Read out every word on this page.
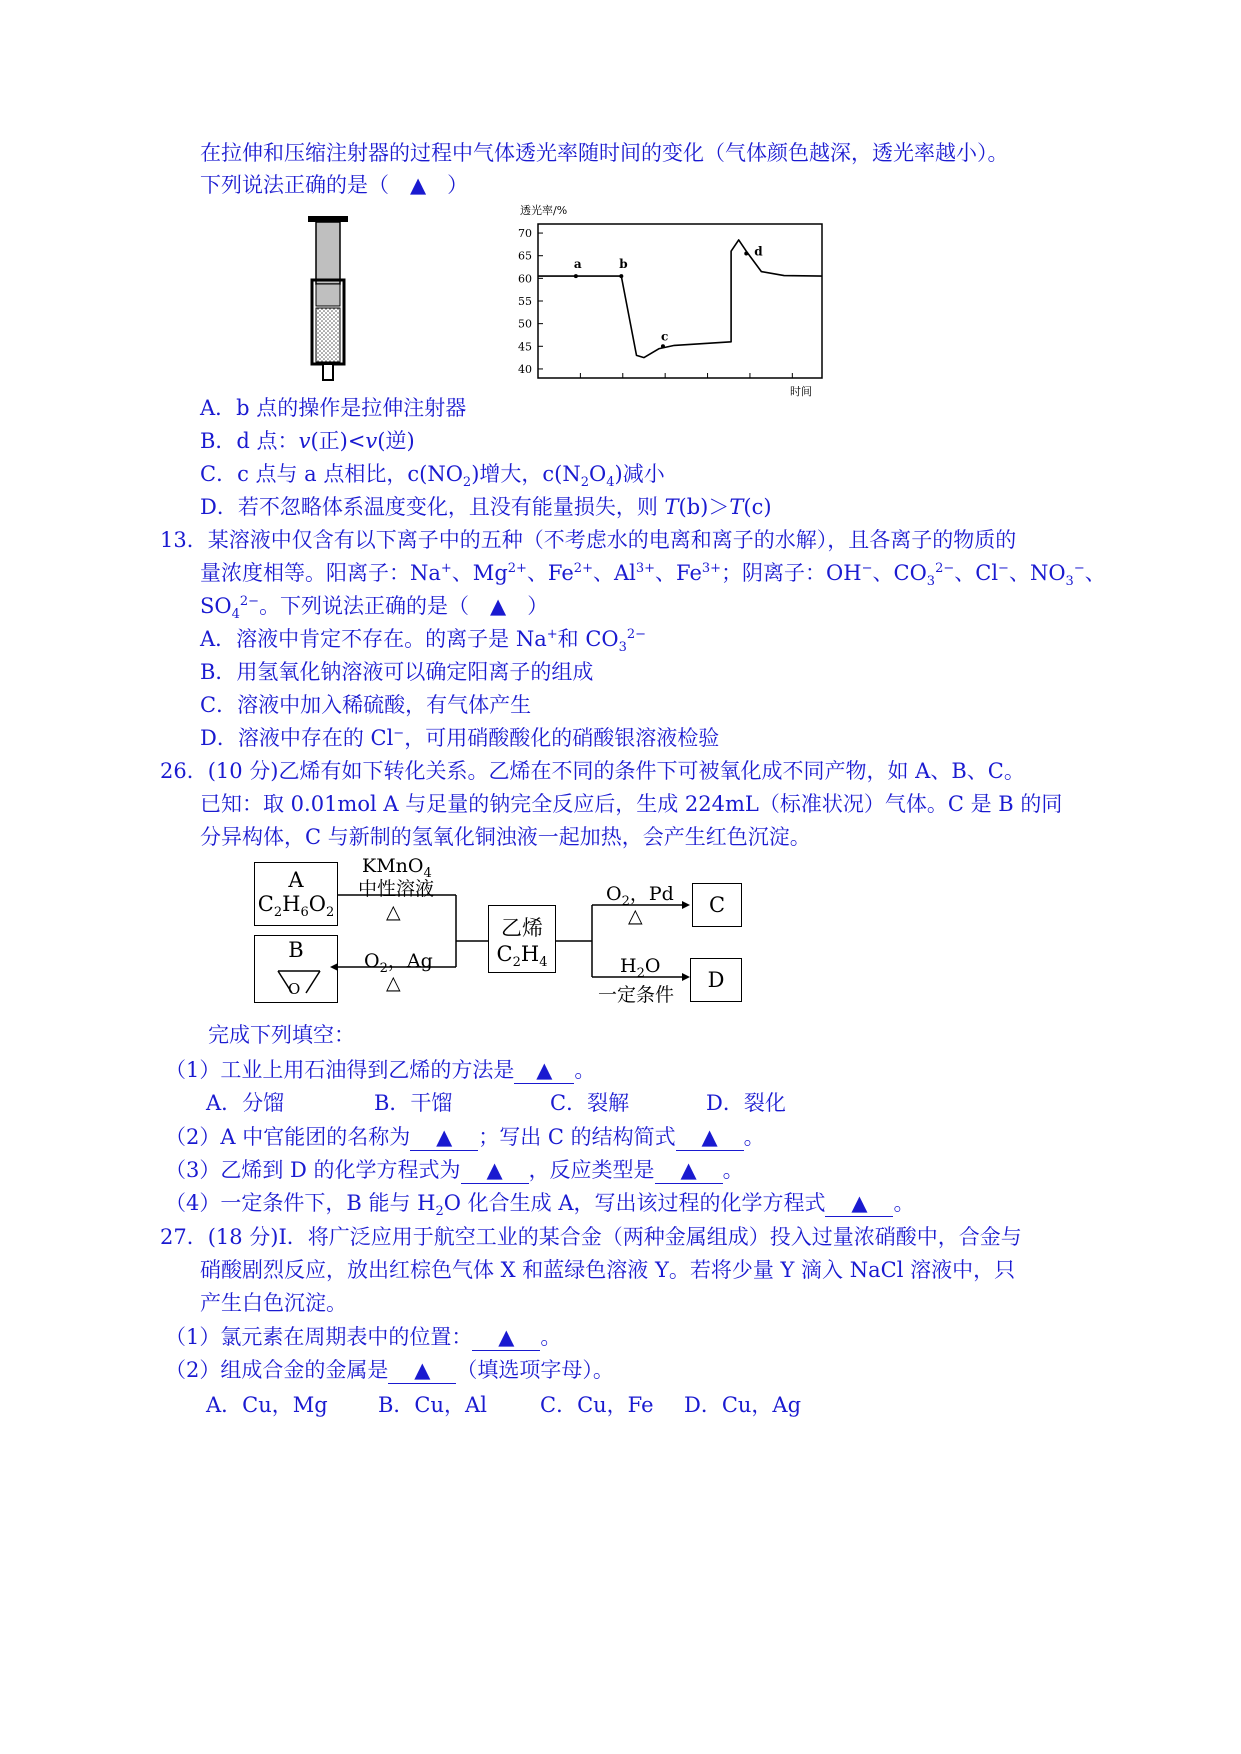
在拉伸和压缩注射器的过程中气体透光率随时间的变化（气体颜色越深，透光率越小）。
下列说法正确的是（　▲　）
透光率/%
时间
40
45
50
55
60
65
70
a	b
c
d
A．b 点的操作是拉伸注射器
B．d 点：v(正)<v(逆)
C．c 点与 a 点相比，$c(NO_2)$增大，$c(N_2O_4)$减小
D．若不忽略体系温度变化，且没有能量损失，则 T(b)＞T(c)
13．某溶液中仅含有以下离子中的五种（不考虑水的电离和离子的水解），且各离子的物质的
量浓度相等。阳离子：Na+、$Mg^{2+}$、$Fe^{2+}$、$Al^{3+}$、$Fe^{3+}$；阴离子：OH−、$CO_3^{2-}$、Cl−、$NO_3^-$、
$SO_4^{2-}$。下列说法正确的是（　▲　）
A．溶液中肯定不存在。的离子是 Na+和 $CO_3^{2-}$
B．用氢氧化钠溶液可以确定阳离子的组成
C．溶液中加入稀硫酸，有气体产生
D．溶液中存在的 Cl−，可用硝酸酸化的硝酸银溶液检验
26．(10 分)乙烯有如下转化关系。乙烯在不同的条件下可被氧化成不同产物，如 A、B、C。
已知：取 0.01mol A 与足量的钠完全反应后，生成 224mL（标准状况）气体。C 是 B 的同
分异构体，C 与新制的氢氧化铜浊液一起加热，会产生红色沉淀。
A
$C_2H_6O_2$
B
O
乙烯
$C_2H_4$
C
D
KMnO$_4$
中性溶液
△
$O_2$，Ag
△
$O_2$，Pd
△
$H_2O$
一定条件
完成下列填空：
（1）工业上用石油得到乙烯的方法是 ▲ 。
A．分馏	B．干馏	C．裂解	D．裂化
（2）A 中官能团的名称为 ▲ ；写出 C 的结构简式 ▲ 。
（3）乙烯到 D 的化学方程式为 ▲ ，反应类型是 ▲ 。
（4）一定条件下，B 能与 $H_2O$ 化合生成 A，写出该过程的化学方程式 ▲ 。
27．(18 分)Ⅰ．将广泛应用于航空工业的某合金（两种金属组成）投入过量浓硝酸中，合金与
硝酸剧烈反应，放出红棕色气体 X 和蓝绿色溶液 Y。若将少量 Y 滴入 NaCl 溶液中，只
产生白色沉淀。
（1）氯元素在周期表中的位置： ▲ 。
（2）组成合金的金属是 ▲ （填选项字母）。
A．Cu，Mg B．Cu，Al	C．Cu，Fe D．Cu，Ag
